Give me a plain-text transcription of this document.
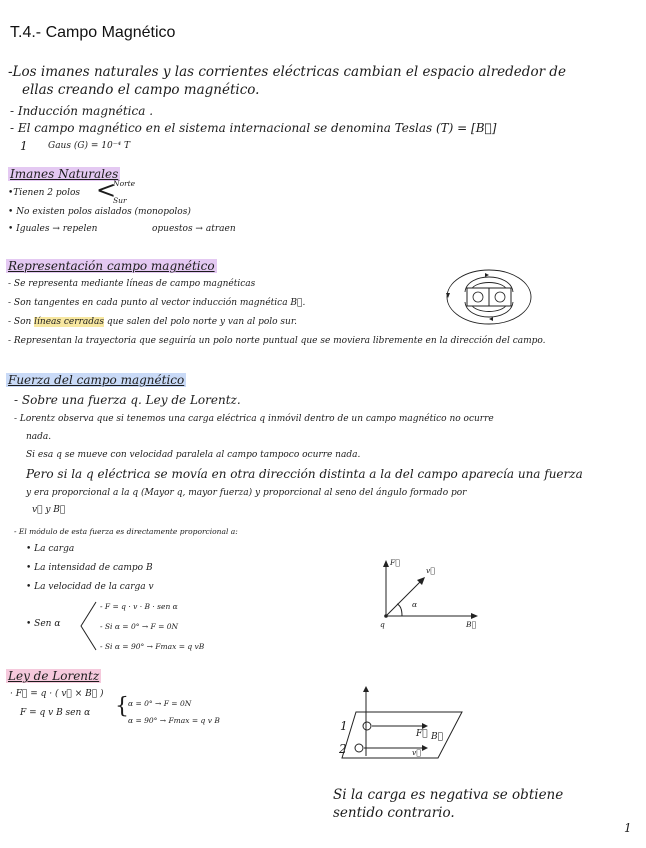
T.4.- Campo Magnético
-Los imanes naturales y las corrientes eléctricas cambian el espacio alrededor de
ellas creando el campo magnético.
- Inducción magnética .
- El campo magnético en el sistema internacional se denomina Teslas (T) = [B⃗]
1 Gaus (G) = 10⁻⁴ T
Imanes Naturales
•Tienen 2 polos <
Norte
Sur
• No existen polos aislados (monopolos)
• Iguales → repelen	opuestos → atraen
Representación campo magnético
- Se representa mediante líneas de campo magnéticas
- Son tangentes en cada punto al vector inducción magnética B⃗.
- Son líneas cerradas que salen del polo norte y van al polo sur.
- Representan la trayectoria que seguiría un polo norte puntual que se moviera libremente en la dirección del campo.
Fuerza del campo magnético
- Sobre una fuerza q. Ley de Lorentz.
- Lorentz observa que si tenemos una carga eléctrica q inmóvil dentro de un campo magnético no ocurre
nada.
Si esa q se mueve con velocidad paralela al campo tampoco ocurre nada.
Pero si la q eléctrica se movía en otra dirección distinta a la del campo aparecía una fuerza
y era proporcional a la q (Mayor q, mayor fuerza) y proporcional al seno del ángulo formado por
v⃗ y B⃗
- El módulo de esta fuerza es directamente proporcional a:
• La carga
• La intensidad de campo B
• La velocidad de la carga v
• Sen α
- F = q · v · B · sen α
- Si α = 0° → F = 0N
- Si α = 90° → Fmax = q vB
F⃗
v⃗
α
q	B⃗
Ley de Lorentz
· F⃗ = q · ( v⃗ × B⃗ )
F = q v B sen α { α = 0° → F = 0N
α = 90° → Fmax = q v B	1
2
F⃗ B⃗
v⃗
Si la carga es negativa se obtiene
sentido contrario.
1
